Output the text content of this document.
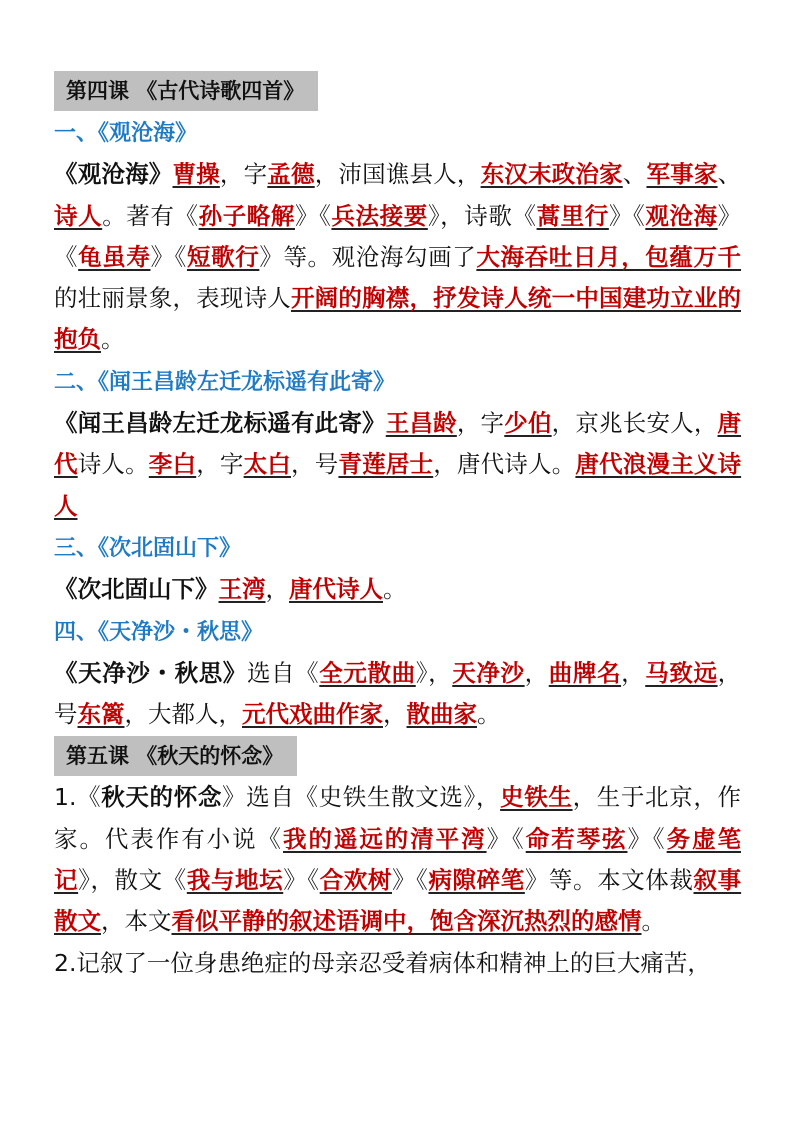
第四课 《古代诗歌四首》
一、《观沧海》
《观沧海》曹操，字孟德，沛国谯县人，东汉末政治家、军事家、诗人。著有《孙子略解》《兵法接要》，诗歌《蒿里行》《观沧海》《龟虽寿》《短歌行》等。观沧海勾画了大海吞吐日月，包蕴万千的壮丽景象，表现诗人开阔的胸襟，抒发诗人统一中国建功立业的抱负。
二、《闻王昌龄左迁龙标遥有此寄》
《闻王昌龄左迁龙标遥有此寄》王昌龄，字少伯，京兆长安人，唐代诗人。李白，字太白，号青莲居士，唐代诗人。唐代浪漫主义诗人
三、《次北固山下》
《次北固山下》王湾，唐代诗人。
四、《天净沙・秋思》
《天净沙・秋思》选自《全元散曲》，天净沙，曲牌名，马致远，号东篱，大都人，元代戏曲作家，散曲家。
第五课 《秋天的怀念》
1.《秋天的怀念》选自《史铁生散文选》，史铁生，生于北京，作家。代表作有小说《我的遥远的清平湾》《命若琴弦》《务虚笔记》，散文《我与地坛》《合欢树》《病隙碎笔》等。本文体裁叙事散文，本文看似平静的叙述语调中，饱含深沉热烈的感情。
2.记叙了一位身患绝症的母亲忍受着病体和精神上的巨大痛苦，
